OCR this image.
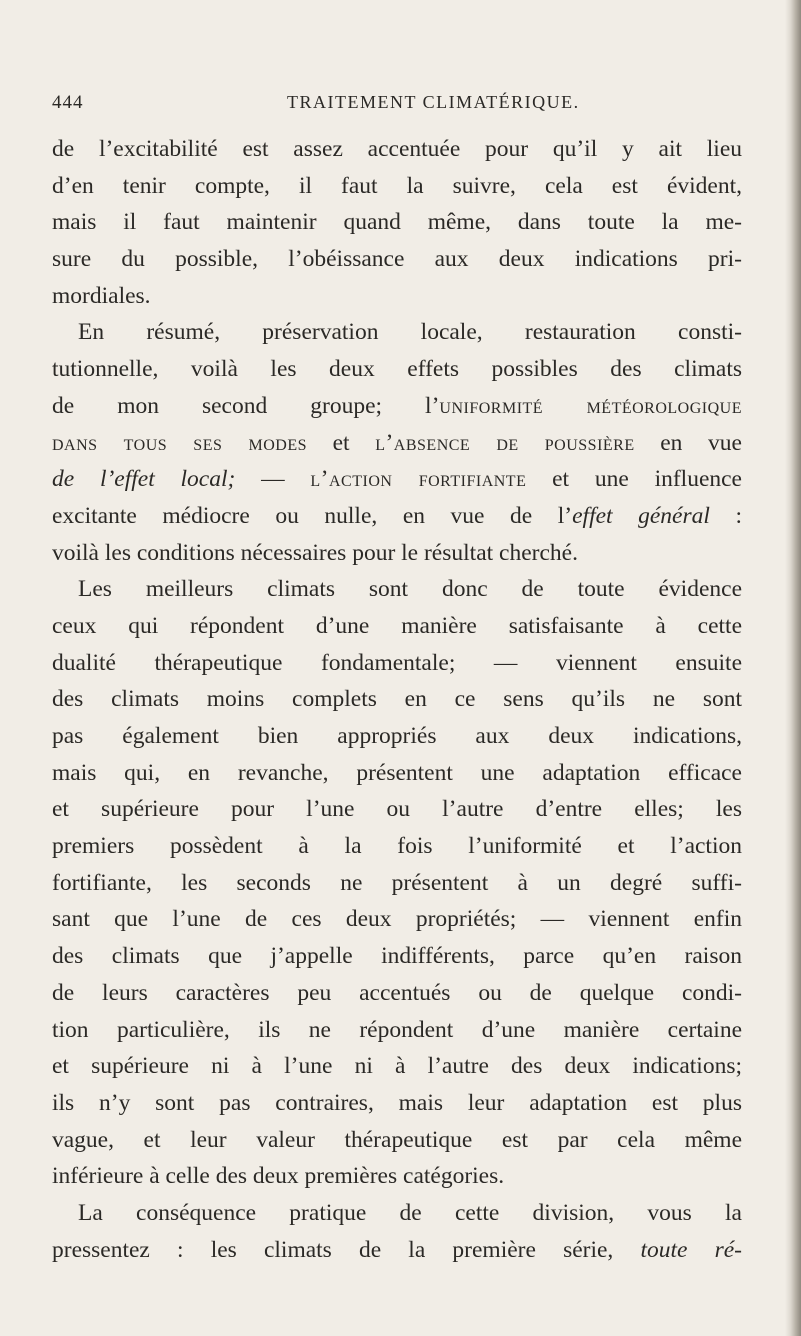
444	TRAITEMENT CLIMATÉRIQUE.
de l’excitabilité est assez accentuée pour qu’il y ait lieu
d’en tenir compte, il faut la suivre, cela est évident,
mais il faut maintenir quand même, dans toute la me-
sure du possible, l’obéissance aux deux indications pri-
mordiales.
En résumé, préservation locale, restauration consti-
tutionnelle, voilà les deux effets possibles des climats
de mon second groupe; l’uniformité météorologique
dans tous ses modes et l’absence de poussière en vue
de l’effet local; — l’action fortifiante et une influence
excitante médiocre ou nulle, en vue de l’effet général :
voilà les conditions nécessaires pour le résultat cherché.
Les meilleurs climats sont donc de toute évidence
ceux qui répondent d’une manière satisfaisante à cette
dualité thérapeutique fondamentale; — viennent ensuite
des climats moins complets en ce sens qu’ils ne sont
pas également bien appropriés aux deux indications,
mais qui, en revanche, présentent une adaptation efficace
et supérieure pour l’une ou l’autre d’entre elles; les
premiers possèdent à la fois l’uniformité et l’action
fortifiante, les seconds ne présentent à un degré suffi-
sant que l’une de ces deux propriétés; — viennent enfin
des climats que j’appelle indifférents, parce qu’en raison
de leurs caractères peu accentués ou de quelque condi-
tion particulière, ils ne répondent d’une manière certaine
et supérieure ni à l’une ni à l’autre des deux indications;
ils n’y sont pas contraires, mais leur adaptation est plus
vague, et leur valeur thérapeutique est par cela même
inférieure à celle des deux premières catégories.
La conséquence pratique de cette division, vous la
pressentez : les climats de la première série, toute ré-
